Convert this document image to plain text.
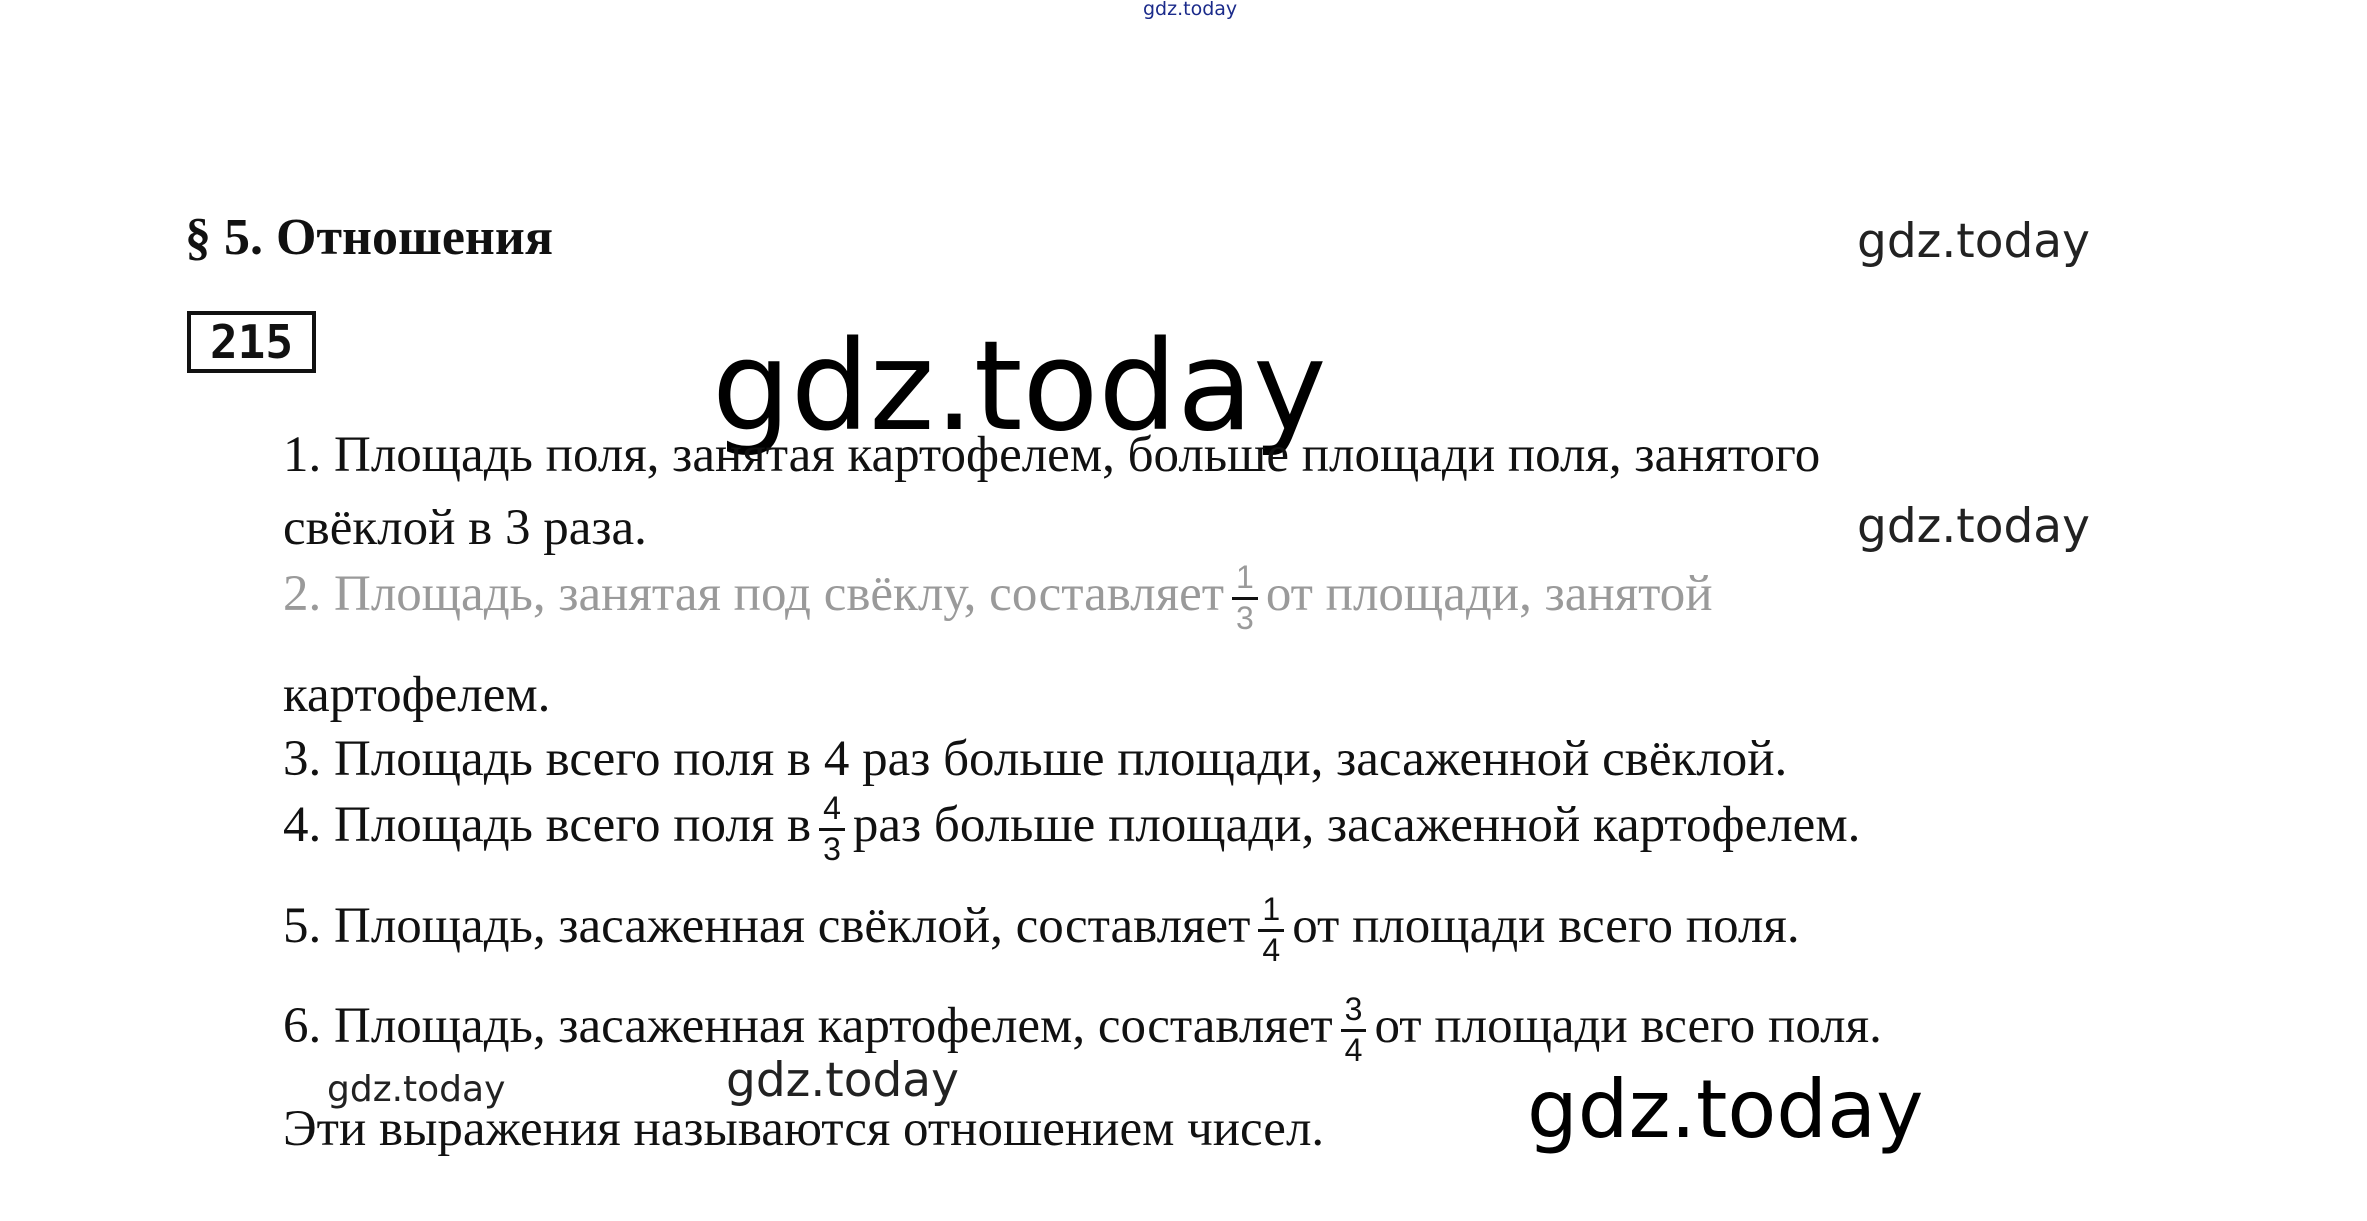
gdz.today
gdz.today
gdz.today
gdz.today
§ 5. Отношения
215
1. Площадь поля, занятая картофелем, больше площади поля, занятого
свёклой в 3 раза.
2. Площадь, занятая под свёклу, составляет $\frac{1}{3}$ от площади, занятой
картофелем.
3. Площадь всего поля в 4 раз больше площади, засаженной свёклой.
4. Площадь всего поля в $\frac{4}{3}$ раз больше площади, засаженной картофелем.
5. Площадь, засаженная свёклой, составляет $\frac{1}{4}$ от площади всего поля.
6. Площадь, засаженная картофелем, составляет $\frac{3}{4}$ от площади всего поля.
Эти выражения называются отношением чисел.
gdz.today	gdz.today	gdz.today
